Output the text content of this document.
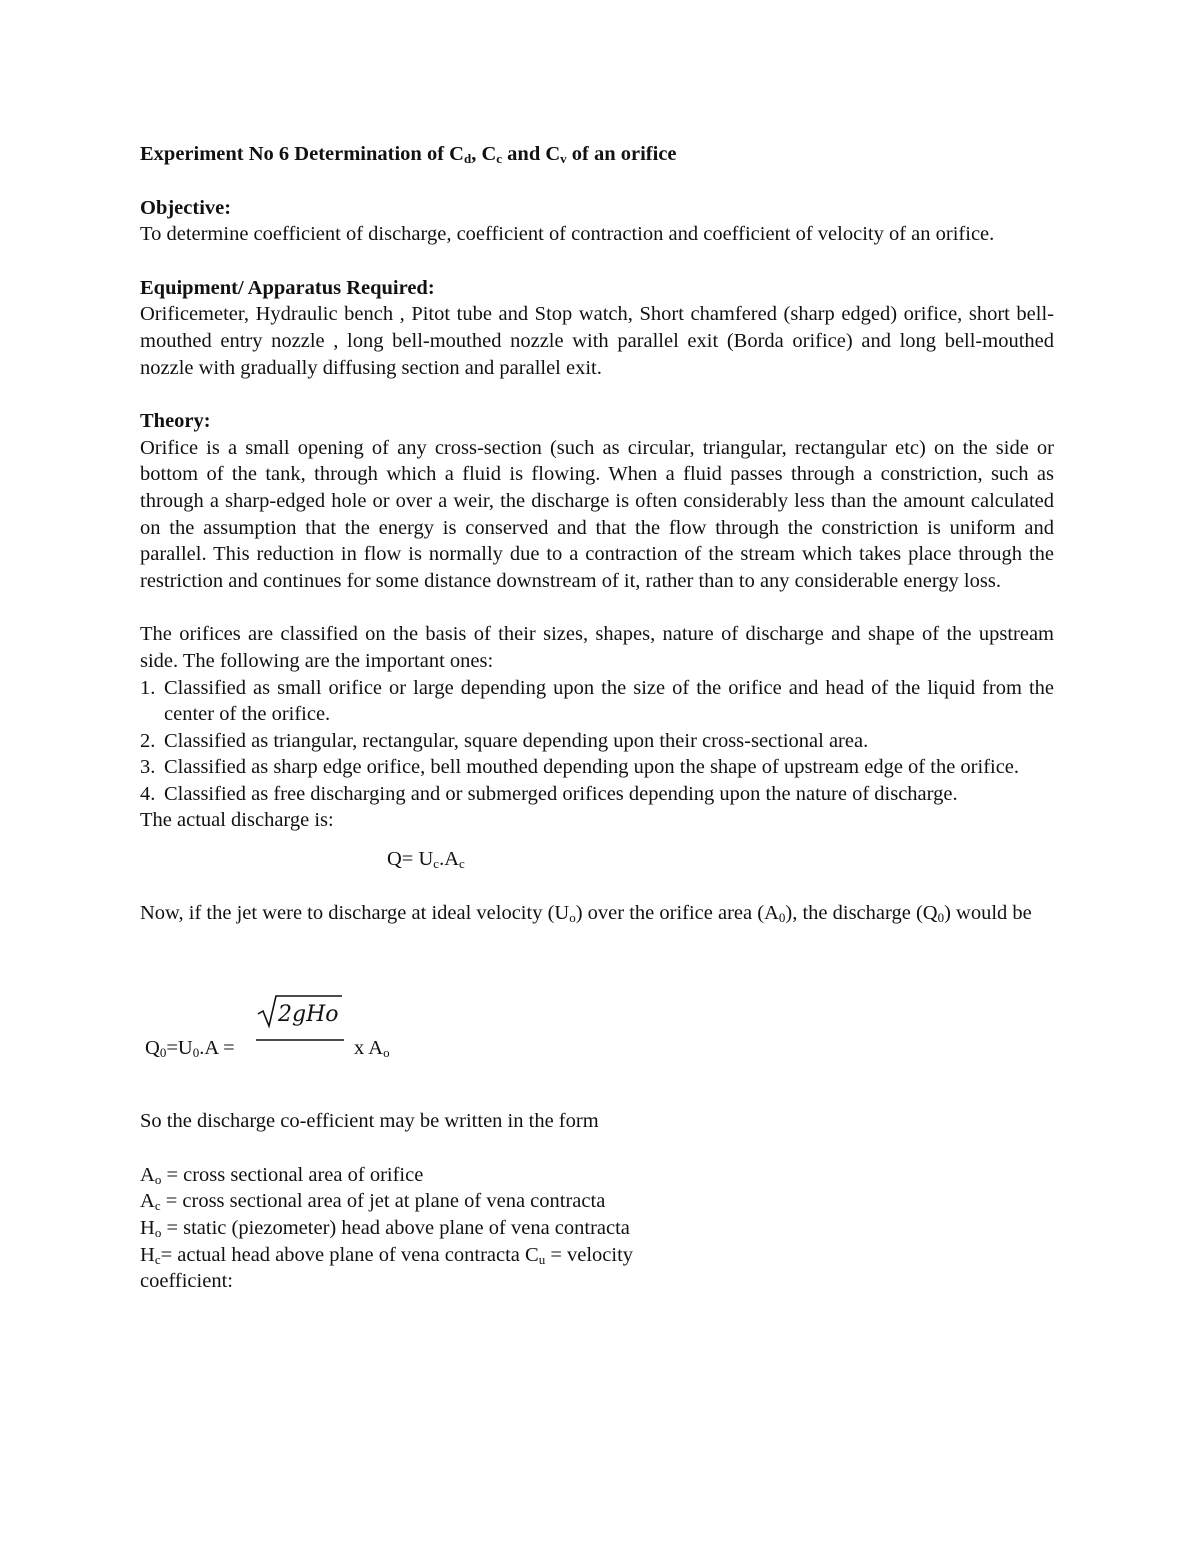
Experiment No 6 Determination of $C_d$, $C_c$ and $C_v$ of an orifice

Objective:

To determine coefficient of discharge, coefficient of contraction and coefficient of velocity of an orifice.

Equipment/ Apparatus Required:

Orificemeter, Hydraulic bench , Pitot tube and Stop watch, Short chamfered (sharp edged) orifice, short bell-mouthed entry nozzle , long bell-mouthed nozzle with parallel exit (Borda orifice) and long bell-mouthed nozzle with gradually diffusing section and parallel exit.

Theory:

Orifice is a small opening of any cross-section (such as circular, triangular, rectangular etc) on the side or bottom of the tank, through which a fluid is flowing. When a fluid passes through a constriction, such as through a sharp-edged hole or over a weir, the discharge is often considerably less than the amount calculated on the assumption that the energy is conserved and that the flow through the constriction is uniform and parallel. This reduction in flow is normally due to a contraction of the stream which takes place through the restriction and continues for some distance downstream of it, rather than to any considerable energy loss.

The orifices are classified on the basis of their sizes, shapes, nature of discharge and shape of the upstream side. The following are the important ones:

1. Classified as small orifice or large depending upon the size of the orifice and head of the liquid from the center of the orifice.
2. Classified as triangular, rectangular, square depending upon their cross-sectional area.
3. Classified as sharp edge orifice, bell mouthed depending upon the shape of upstream edge of the orifice.
4. Classified as free discharging and or submerged orifices depending upon the nature of discharge.

The actual discharge is:

$Q= U_c.A_c$

Now, if the jet were to discharge at ideal velocity $(U_o)$ over the orifice area $(A_0)$, the discharge $(Q_0)$ would be

$Q_0=U_0.A$ =
2gHo
x $A_o$

So the discharge co-efficient may be written in the form

$A_o$ = cross sectional area of orifice

$A_c$ = cross sectional area of jet at plane of vena contracta

$H_o$ = static (piezometer) head above plane of vena contracta

$H_c=$ actual head above plane of vena contracta $C_u$ = velocity

coefficient:
